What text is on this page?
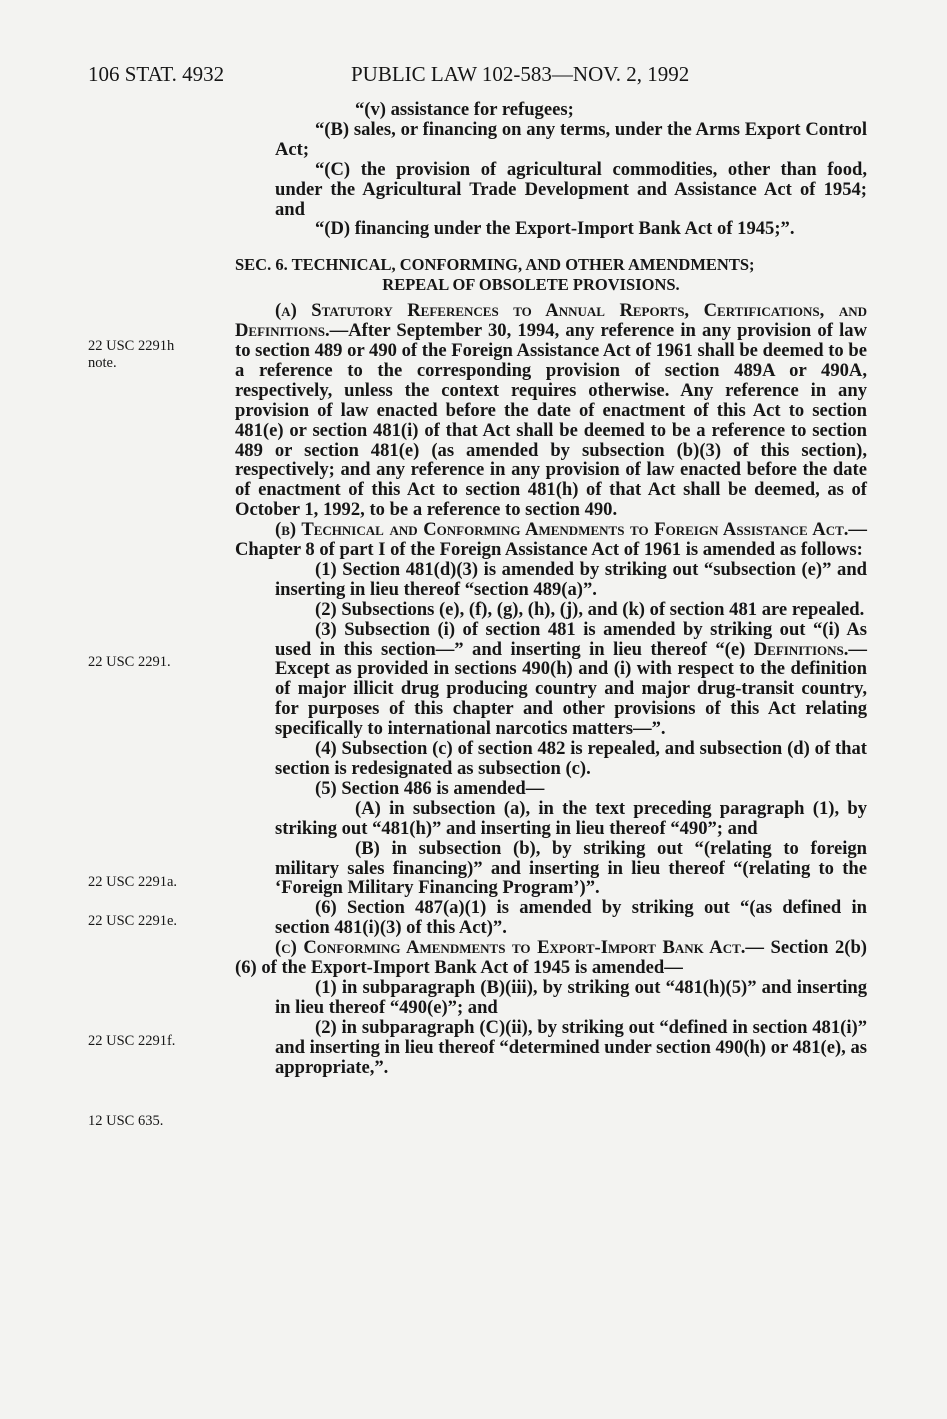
106 STAT. 4932	PUBLIC LAW 102-583—NOV. 2, 1992
22 USC 2291h
note.
22 USC 2291.
22 USC 2291a.
22 USC 2291e.
22 USC 2291f.
12 USC 635.

“(v) assistance for refugees;

“(B) sales, or financing on any terms, under the Arms Export Control Act;

“(C) the provision of agricultural commodities, other than food, under the Agricultural Trade Development and Assistance Act of 1954; and

“(D) financing under the Export-Import Bank Act of 1945;”.

SEC. 6. TECHNICAL, CONFORMING, AND OTHER AMENDMENTS;
REPEAL OF OBSOLETE PROVISIONS.

(a) Statutory References to Annual Reports, Certifications, and Definitions.—After September 30, 1994, any reference in any provision of law to section 489 or 490 of the Foreign Assistance Act of 1961 shall be deemed to be a reference to the corresponding provision of section 489A or 490A, respectively, unless the context requires otherwise. Any reference in any provision of law enacted before the date of enactment of this Act to section 481(e) or section 481(i) of that Act shall be deemed to be a reference to section 489 or section 481(e) (as amended by subsection (b)(3) of this section), respectively; and any reference in any provision of law enacted before the date of enactment of this Act to section 481(h) of that Act shall be deemed, as of October 1, 1992, to be a reference to section 490.

(b) Technical and Conforming Amendments to Foreign Assistance Act.—Chapter 8 of part I of the Foreign Assistance Act of 1961 is amended as follows:

(1) Section 481(d)(3) is amended by striking out “subsection (e)” and inserting in lieu thereof “section 489(a)”.

(2) Subsections (e), (f), (g), (h), (j), and (k) of section 481 are repealed.

(3) Subsection (i) of section 481 is amended by striking out “(i) As used in this section—” and inserting in lieu thereof “(e) Definitions.—Except as provided in sections 490(h) and (i) with respect to the definition of major illicit drug producing country and major drug-transit country, for purposes of this chapter and other provisions of this Act relating specifically to international narcotics matters—”.

(4) Subsection (c) of section 482 is repealed, and subsection (d) of that section is redesignated as subsection (c).

(5) Section 486 is amended—

(A) in subsection (a), in the text preceding paragraph (1), by striking out “481(h)” and inserting in lieu thereof “490”; and

(B) in subsection (b), by striking out “(relating to foreign military sales financing)” and inserting in lieu thereof “(relating to the ‘Foreign Military Financing Program’)”.

(6) Section 487(a)(1) is amended by striking out “(as defined in section 481(i)(3) of this Act)”.

(c) Conforming Amendments to Export-Import Bank Act.— Section 2(b)(6) of the Export-Import Bank Act of 1945 is amended—

(1) in subparagraph (B)(iii), by striking out “481(h)(5)” and inserting in lieu thereof “490(e)”; and

(2) in subparagraph (C)(ii), by striking out “defined in section 481(i)” and inserting in lieu thereof “determined under section 490(h) or 481(e), as appropriate,”.
